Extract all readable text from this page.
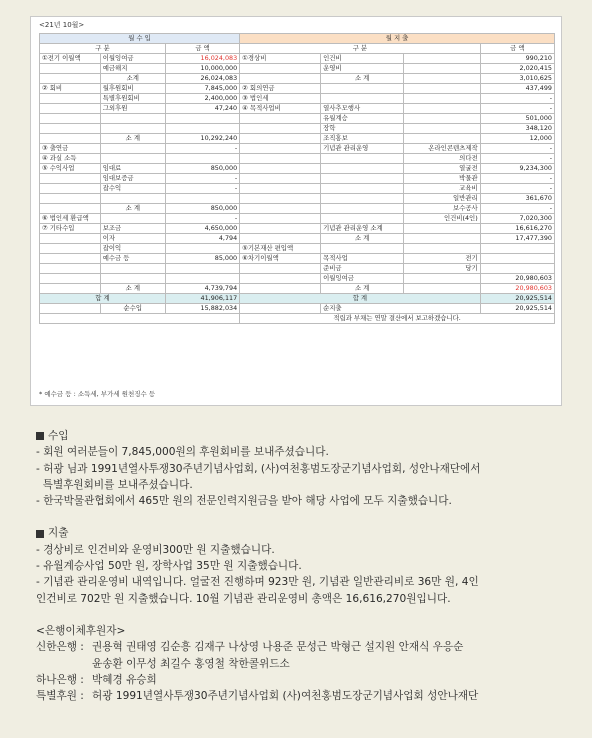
<21년 10월>
월 수 입			월 지 출			
구 분		금 액	구 분			금 액
①전기 이월액	이월잉여금	16,024,083	①경상비	인건비		990,210
	예금해지	10,000,000		운영비		2,020,415
	소계	26,024,083		소 계		3,010,625
② 회비	월후원회비	7,845,000	② 회의연금			437,499
	특별후원회비	2,400,000	③ 법인세			-
	그외후원	47,240	④ 목적사업비	열사추모행사		-
				유월계승		501,000
				장학		348,120
	소 계	10,292,240		조직홍보		12,000
③ 출연금		-		기념관 관리운영	온라인콘텐츠제작	-
④ 과실 소득					의다전	-
⑤ 수익사업	임대료	850,000			열굴전	9,234,300
	임대보증금	-			박물관	-
	잡수익	-			교육비	-
					일반관리	361,670
	소 계	850,000			보수공사	-
⑥ 법인세 환급액		-			인건비(4인)	7,020,300
⑦ 기타수입	보조금	4,650,000		기념관 관리운영 소계		16,616,270
	이자	4,794		소 계		17,477,390
	잡이익		⑤기본재산 편입액			
	예수금 등	85,000	⑥차기이월액	목적사업	전기	
				준비금	당기	
				이월잉여금		20,980,603
	소 계	4,739,794		소 계		20,980,603
합 계		41,906,117	합 계			20,925,514
	순수입	15,882,034		순지출		20,925,514
			적립과 부채는 연말 결산에서 보고하겠습니다.			
* 예수금 등 : 소득세, 부가세 원천징수 등
수입
- 회원 여러분들이 7,845,000원의 후원회비를 보내주셨습니다.
- 허광 님과 1991년열사투쟁30주년기념사업회, (사)여천홍범도장군기념사업회, 성안나재단에서
특별후원회비를 보내주셨습니다.
- 한국박물관협회에서 465만 원의 전문인력지원금을 받아 해당 사업에 모두 지출했습니다.
지출
- 경상비로 인건비와 운영비300만 원 지출했습니다.
- 유월계승사업 50만 원, 장학사업 35만 원 지출했습니다.
- 기념관 관리운영비 내역입니다. 얼굴전 진행하며 923만 원, 기념관 일반관리비로 36만 원, 4인
인건비로 702만 원 지출했습니다. 10월 기념관 관리운영비 총액은 16,616,270원입니다.
<은행이체후원자>
신한은행 : 권용혁 권태영 김순흥 김재구 나상영 나용준 문성근 박형근 설지원 안재식 우응순
윤송환 이무성 최길수 홍영철 착한콜위드소
하나은행 : 박혜경 유승희
특별후원 : 허광 1991년열사투쟁30주년기념사업회 (사)여천홍범도장군기념사업회 성안나재단
